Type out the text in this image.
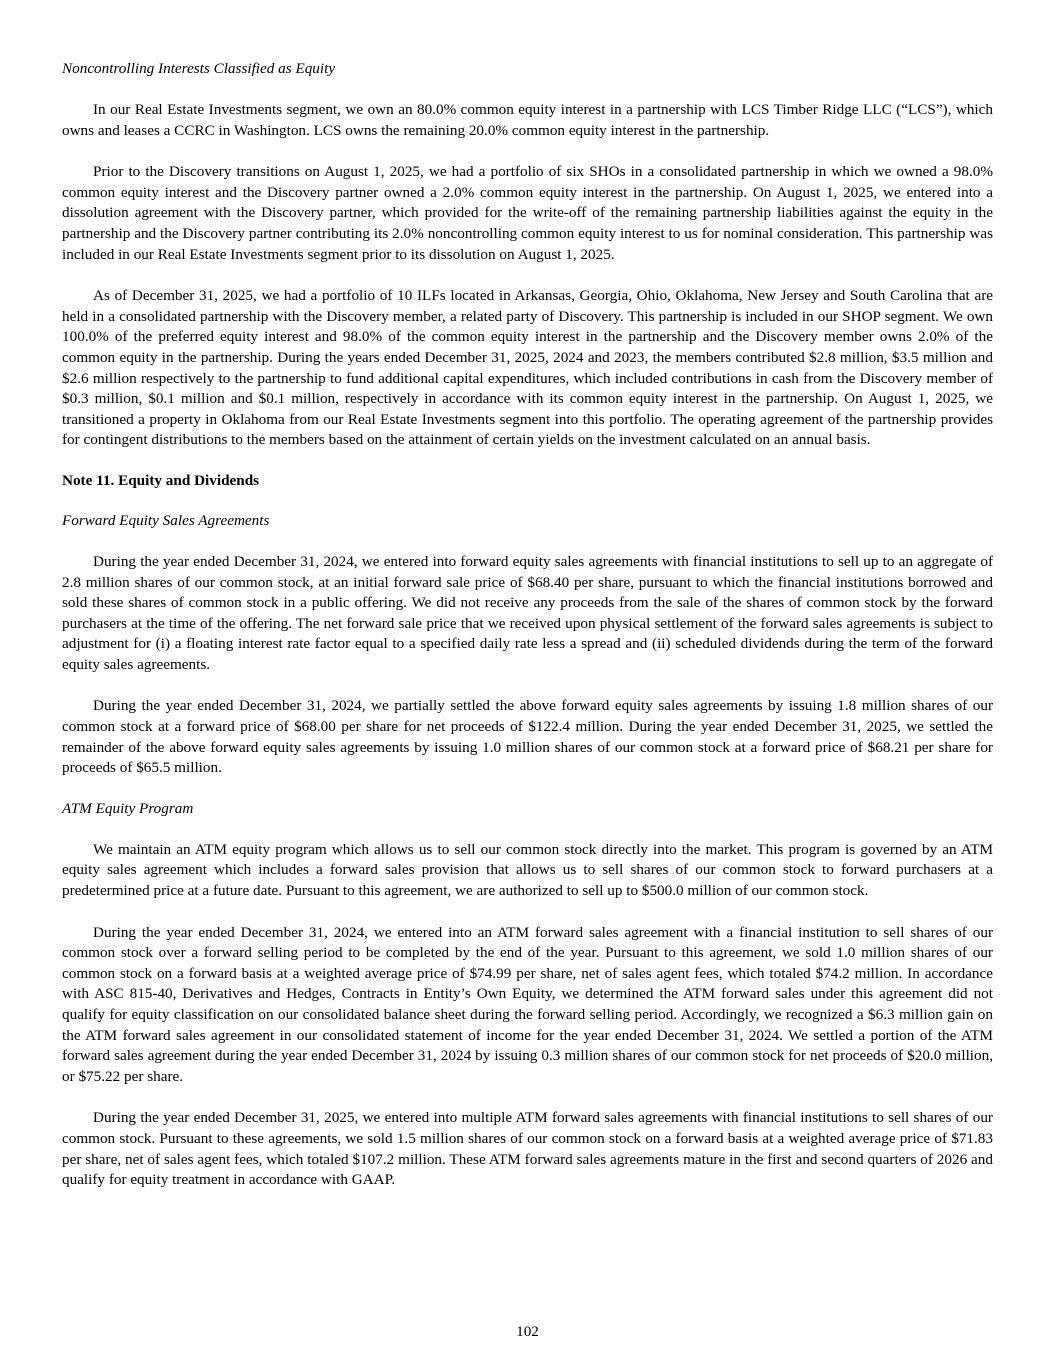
Noncontrolling Interests Classified as Equity

In our Real Estate Investments segment, we own an 80.0% common equity interest in a partnership with LCS Timber Ridge LLC (“LCS”), which owns and leases a CCRC in Washington. LCS owns the remaining 20.0% common equity interest in the partnership.

Prior to the Discovery transitions on August 1, 2025, we had a portfolio of six SHOs in a consolidated partnership in which we owned a 98.0% common equity interest and the Discovery partner owned a 2.0% common equity interest in the partnership. On August 1, 2025, we entered into a dissolution agreement with the Discovery partner, which provided for the write-off of the remaining partnership liabilities against the equity in the partnership and the Discovery partner contributing its 2.0% noncontrolling common equity interest to us for nominal consideration. This partnership was included in our Real Estate Investments segment prior to its dissolution on August 1, 2025.

As of December 31, 2025, we had a portfolio of 10 ILFs located in Arkansas, Georgia, Ohio, Oklahoma, New Jersey and South Carolina that are held in a consolidated partnership with the Discovery member, a related party of Discovery. This partnership is included in our SHOP segment. We own 100.0% of the preferred equity interest and 98.0% of the common equity interest in the partnership and the Discovery member owns 2.0% of the common equity in the partnership. During the years ended December 31, 2025, 2024 and 2023, the members contributed $2.8 million, $3.5 million and $2.6 million respectively to the partnership to fund additional capital expenditures, which included contributions in cash from the Discovery member of $0.3 million, $0.1 million and $0.1 million, respectively in accordance with its common equity interest in the partnership. On August 1, 2025, we transitioned a property in Oklahoma from our Real Estate Investments segment into this portfolio. The operating agreement of the partnership provides for contingent distributions to the members based on the attainment of certain yields on the investment calculated on an annual basis.

Note 11. Equity and Dividends

Forward Equity Sales Agreements

During the year ended December 31, 2024, we entered into forward equity sales agreements with financial institutions to sell up to an aggregate of 2.8 million shares of our common stock, at an initial forward sale price of $68.40 per share, pursuant to which the financial institutions borrowed and sold these shares of common stock in a public offering. We did not receive any proceeds from the sale of the shares of common stock by the forward purchasers at the time of the offering. The net forward sale price that we received upon physical settlement of the forward sales agreements is subject to adjustment for (i) a floating interest rate factor equal to a specified daily rate less a spread and (ii) scheduled dividends during the term of the forward equity sales agreements.

During the year ended December 31, 2024, we partially settled the above forward equity sales agreements by issuing 1.8 million shares of our common stock at a forward price of $68.00 per share for net proceeds of $122.4 million. During the year ended December 31, 2025, we settled the remainder of the above forward equity sales agreements by issuing 1.0 million shares of our common stock at a forward price of $68.21 per share for proceeds of $65.5 million.

ATM Equity Program

We maintain an ATM equity program which allows us to sell our common stock directly into the market. This program is governed by an ATM equity sales agreement which includes a forward sales provision that allows us to sell shares of our common stock to forward purchasers at a predetermined price at a future date. Pursuant to this agreement, we are authorized to sell up to $500.0 million of our common stock.

During the year ended December 31, 2024, we entered into an ATM forward sales agreement with a financial institution to sell shares of our common stock over a forward selling period to be completed by the end of the year. Pursuant to this agreement, we sold 1.0 million shares of our common stock on a forward basis at a weighted average price of $74.99 per share, net of sales agent fees, which totaled $74.2 million. In accordance with ASC 815-40, Derivatives and Hedges, Contracts in Entity’s Own Equity, we determined the ATM forward sales under this agreement did not qualify for equity classification on our consolidated balance sheet during the forward selling period. Accordingly, we recognized a $6.3 million gain on the ATM forward sales agreement in our consolidated statement of income for the year ended December 31, 2024. We settled a portion of the ATM forward sales agreement during the year ended December 31, 2024 by issuing 0.3 million shares of our common stock for net proceeds of $20.0 million, or $75.22 per share.

During the year ended December 31, 2025, we entered into multiple ATM forward sales agreements with financial institutions to sell shares of our common stock. Pursuant to these agreements, we sold 1.5 million shares of our common stock on a forward basis at a weighted average price of $71.83 per share, net of sales agent fees, which totaled $107.2 million. These ATM forward sales agreements mature in the first and second quarters of 2026 and qualify for equity treatment in accordance with GAAP.

102
